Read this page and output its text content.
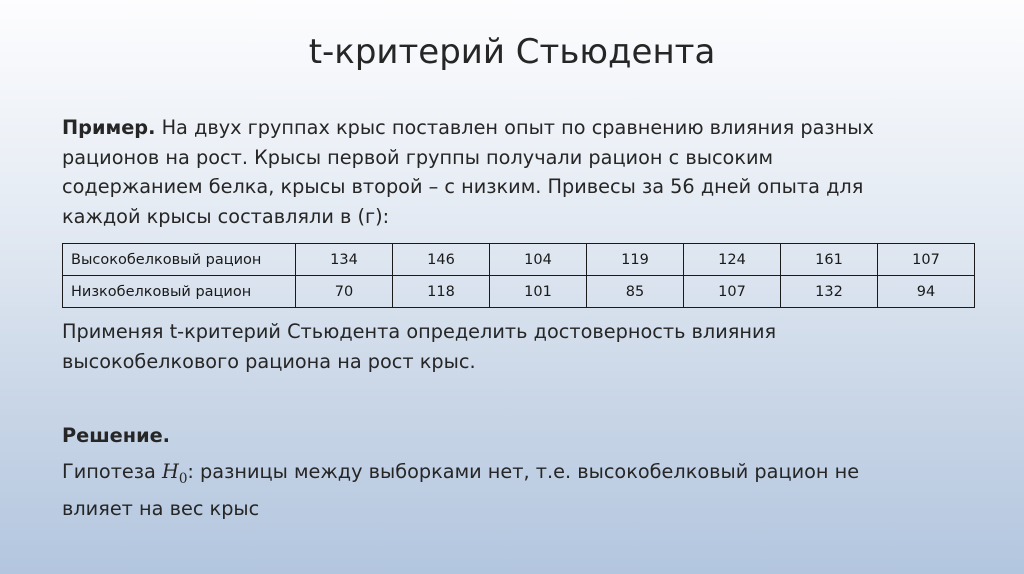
t-критерий Стьюдента

Пример. На двух группах крыс поставлен опыт по сравнению влияния разных
рационов на рост. Крысы первой группы получали рацион с высоким
содержанием белка, крысы второй – с низким. Привесы за 56 дней опыта для
каждой крысы составляли в (г):

Высокобелковый рацион	134	146	104	119	124	161	107
Низкобелковый рацион	70	118	101	85	107	132	94

Применяя t-критерий Стьюдента определить достоверность влияния
высокобелкового рациона на рост крыс.

Решение.

Гипотеза $H_0$: разницы между выборками нет, т.е. высокобелковый рацион не
влияет на вес крыс
